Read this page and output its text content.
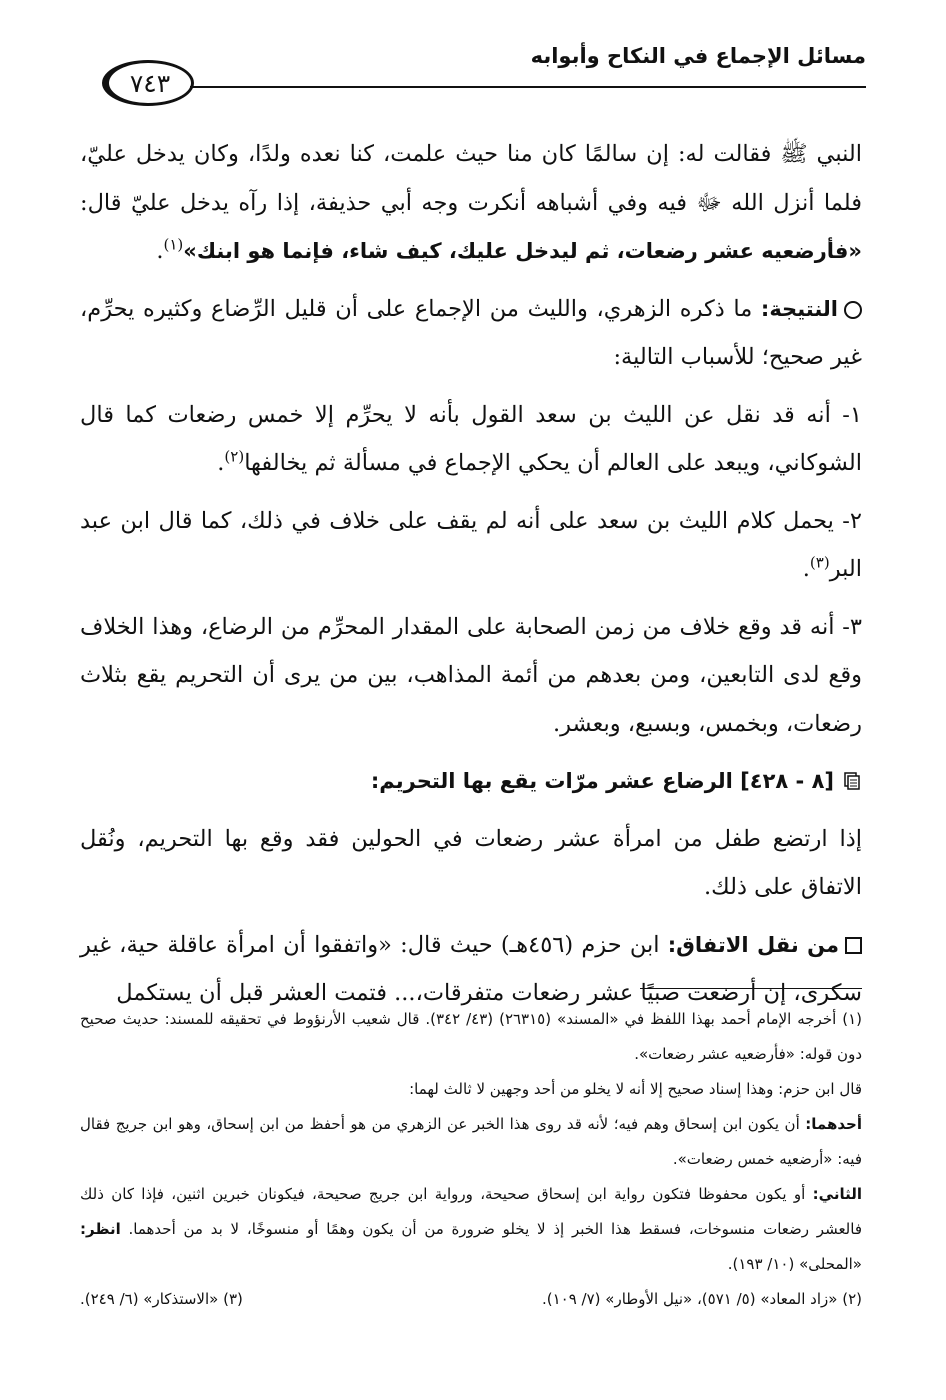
مسائل الإجماع في النكاح وأبوابه
٧٤٣

النبي ﷺ فقالت له: إن سالمًا كان منا حيث علمت، كنا نعده ولدًا، وكان يدخل عليّ، فلما أنزل الله ﷻ فيه وفي أشباهه أنكرت وجه أبي حذيفة، إذا رآه يدخل عليّ قال: «فأرضعيه عشر رضعات، ثم ليدخل عليك، كيف شاء، فإنما هو ابنك»$^{(١)}$.

النتيجة: ما ذكره الزهري، والليث من الإجماع على أن قليل الرِّضاع وكثيره يحرِّم، غير صحيح؛ للأسباب التالية:

١- أنه قد نقل عن الليث بن سعد القول بأنه لا يحرِّم إلا خمس رضعات كما قال الشوكاني، ويبعد على العالم أن يحكي الإجماع في مسألة ثم يخالفها$^{(٢)}$.

٢- يحمل كلام الليث بن سعد على أنه لم يقف على خلاف في ذلك، كما قال ابن عبد البر$^{(٣)}$.

٣- أنه قد وقع خلاف من زمن الصحابة على المقدار المحرِّم من الرضاع، وهذا الخلاف وقع لدى التابعين، ومن بعدهم من أئمة المذاهب، بين من يرى أن التحريم يقع بثلاث رضعات، وبخمس، وبسبع، وبعشر.

[٨ - ٤٢٨] الرضاع عشر مرّات يقع بها التحريم:

إذا ارتضع طفل من امرأة عشر رضعات في الحولين فقد وقع بها التحريم، ونُقل الاتفاق على ذلك.

من نقل الاتفاق: ابن حزم (٤٥٦هـ) حيث قال: «واتفقوا أن امرأة عاقلة حية، غير سكرى، إن أرضعت صبيًا عشر رضعات متفرقات،... فتمت العشر قبل أن يستكمل

(١) أخرجه الإمام أحمد بهذا اللفظ في «المسند» (٢٦٣١٥) (٤٣/ ٣٤٢). قال شعيب الأرنؤوط في تحقيقه للمسند: حديث صحيح دون قوله: «فأرضعيه عشر رضعات».

قال ابن حزم: وهذا إسناد صحيح إلا أنه لا يخلو من أحد وجهين لا ثالث لهما:

أحدهما: أن يكون ابن إسحاق وهم فيه؛ لأنه قد روى هذا الخبر عن الزهري من هو أحفظ من ابن إسحاق، وهو ابن جريج فقال فيه: «أرضعيه خمس رضعات».

الثاني: أو يكون محفوظا فتكون رواية ابن إسحاق صحيحة، ورواية ابن جريج صحيحة، فيكونان خبرين اثنين، فإذا كان ذلك فالعشر رضعات منسوخات، فسقط هذا الخبر إذ لا يخلو ضرورة من أن يكون وهمًا أو منسوخًا، لا بد من أحدهما. انظر: «المحلى» (١٠/ ١٩٣).

(٢) «زاد المعاد» (٥/ ٥٧١)، «نيل الأوطار» (٧/ ١٠٩).
(٣) «الاستذكار» (٦/ ٢٤٩).
